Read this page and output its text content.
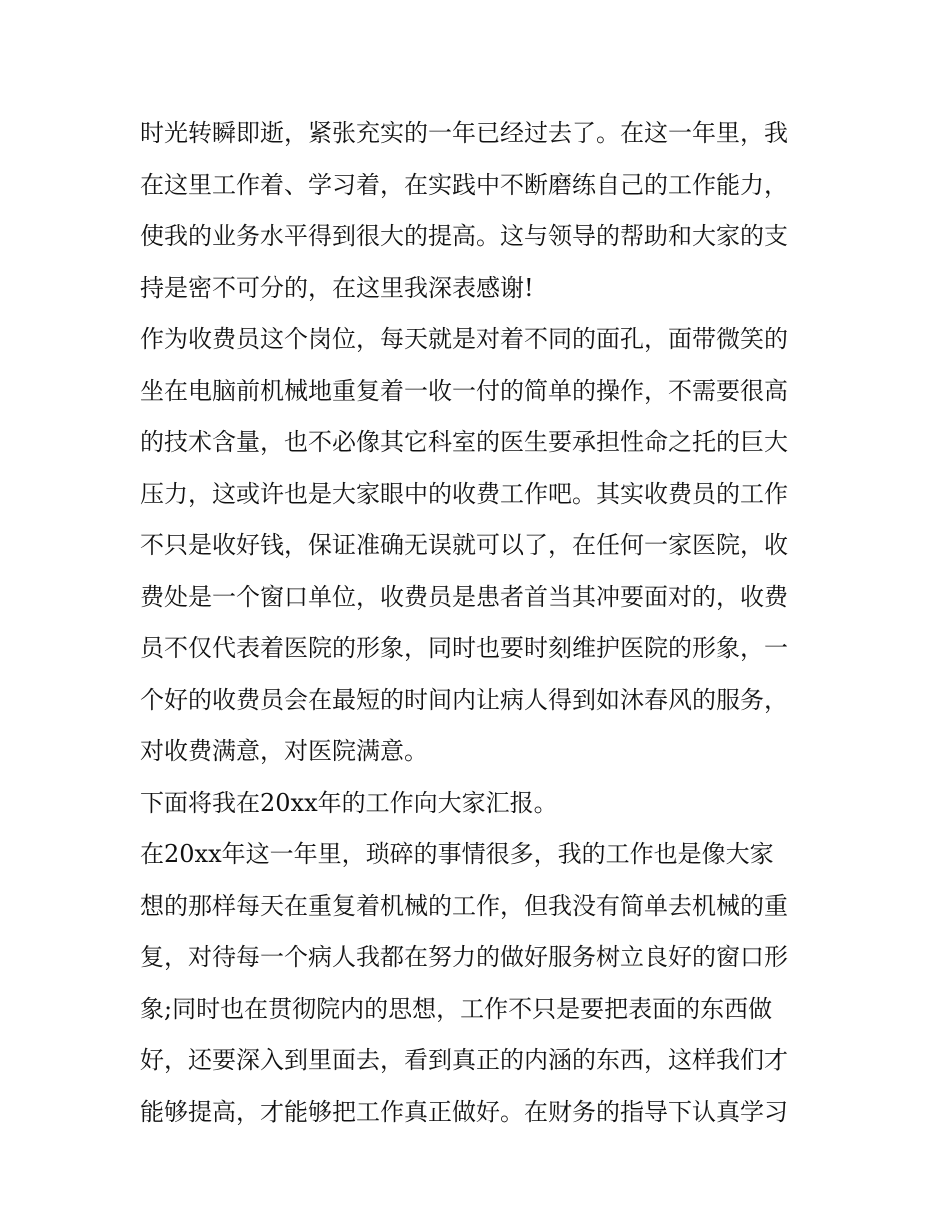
时光转瞬即逝，紧张充实的一年已经过去了。在这一年里，我
在这里工作着、学习着，在实践中不断磨练自己的工作能力，
使我的业务水平得到很大的提高。这与领导的帮助和大家的支
持是密不可分的，在这里我深表感谢!
作为收费员这个岗位，每天就是对着不同的面孔，面带微笑的
坐在电脑前机械地重复着一收一付的简单的操作，不需要很高
的技术含量，也不必像其它科室的医生要承担性命之托的巨大
压力，这或许也是大家眼中的收费工作吧。其实收费员的工作
不只是收好钱，保证准确无误就可以了，在任何一家医院，收
费处是一个窗口单位，收费员是患者首当其冲要面对的，收费
员不仅代表着医院的形象，同时也要时刻维护医院的形象，一
个好的收费员会在最短的时间内让病人得到如沐春风的服务，
对收费满意，对医院满意。
下面将我在20xx年的工作向大家汇报。
在20xx年这一年里，琐碎的事情很多，我的工作也是像大家
想的那样每天在重复着机械的工作，但我没有简单去机械的重
复，对待每一个病人我都在努力的做好服务树立良好的窗口形
象;同时也在贯彻院内的思想，工作不只是要把表面的东西做
好，还要深入到里面去，看到真正的内涵的东西，这样我们才
能够提高，才能够把工作真正做好。在财务的指导下认真学习
